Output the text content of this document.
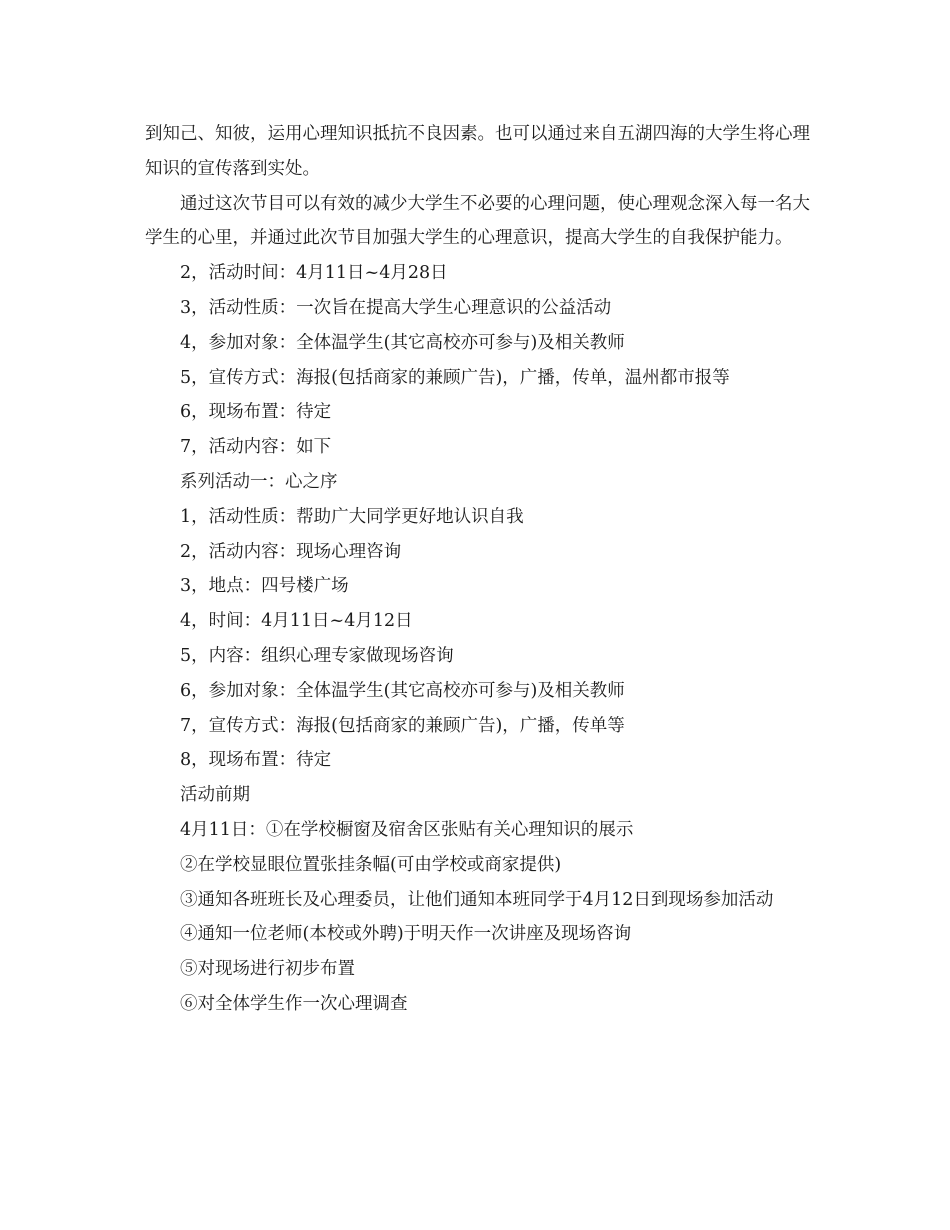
到知己、知彼，运用心理知识抵抗不良因素。也可以通过来自五湖四海的大学生将心理知识的宣传落到实处。

通过这次节目可以有效的减少大学生不必要的心理问题，使心理观念深入每一名大学生的心里，并通过此次节目加强大学生的心理意识，提高大学生的自我保护能力。

2，活动时间：4月11日~4月28日

3，活动性质：一次旨在提高大学生心理意识的公益活动

4，参加对象：全体温学生(其它高校亦可参与)及相关教师

5，宣传方式：海报(包括商家的兼顾广告)，广播，传单，温州都市报等

6，现场布置：待定

7，活动内容：如下

系列活动一：心之序

1，活动性质：帮助广大同学更好地认识自我

2，活动内容：现场心理咨询

3，地点：四号楼广场

4，时间：4月11日~4月12日

5，内容：组织心理专家做现场咨询

6，参加对象：全体温学生(其它高校亦可参与)及相关教师

7，宣传方式：海报(包括商家的兼顾广告)，广播，传单等

8，现场布置：待定

活动前期

4月11日：①在学校橱窗及宿舍区张贴有关心理知识的展示

②在学校显眼位置张挂条幅(可由学校或商家提供)

③通知各班班长及心理委员，让他们通知本班同学于4月12日到现场参加活动

④通知一位老师(本校或外聘)于明天作一次讲座及现场咨询

⑤对现场进行初步布置

⑥对全体学生作一次心理调查
